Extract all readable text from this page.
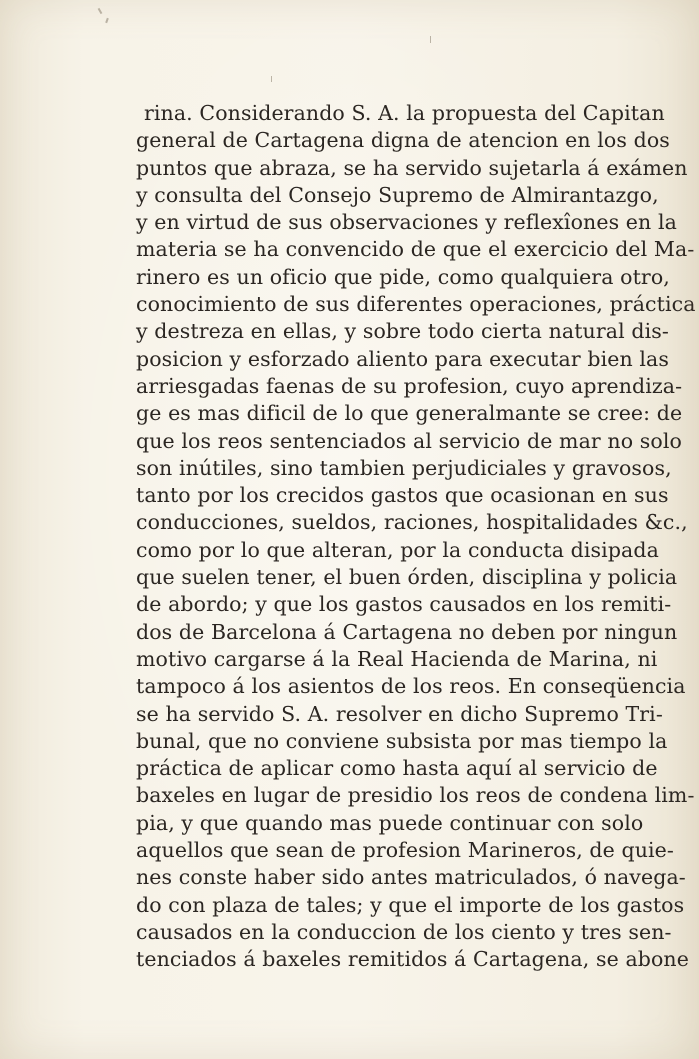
rina. Considerando S. A. la propuesta del Capitan
general de Cartagena digna de atencion en los dos
puntos que abraza, se ha servido sujetarla á exámen
y consulta del Consejo Supremo de Almirantazgo,
y en virtud de sus observaciones y reflexîones en la
materia se ha convencido de que el exercicio del Ma-
rinero es un oficio que pide, como qualquiera otro,
conocimiento de sus diferentes operaciones, práctica
y destreza en ellas, y sobre todo cierta natural dis-
posicion y esforzado aliento para executar bien las
arriesgadas faenas de su profesion, cuyo aprendiza-
ge es mas dificil de lo que generalmante se cree: de
que los reos sentenciados al servicio de mar no solo
son inútiles, sino tambien perjudiciales y gravosos,
tanto por los crecidos gastos que ocasionan en sus
conducciones, sueldos, raciones, hospitalidades &c.,
como por lo que alteran, por la conducta disipada
que suelen tener, el buen órden, disciplina y policia
de abordo; y que los gastos causados en los remiti-
dos de Barcelona á Cartagena no deben por ningun
motivo cargarse á la Real Hacienda de Marina, ni
tampoco á los asientos de los reos. En conseqüencia
se ha servido S. A. resolver en dicho Supremo Tri-
bunal, que no conviene subsista por mas tiempo la
práctica de aplicar como hasta aquí al servicio de
baxeles en lugar de presidio los reos de condena lim-
pia, y que quando mas puede continuar con solo
aquellos que sean de profesion Marineros, de quie-
nes conste haber sido antes matriculados, ó navega-
do con plaza de tales; y que el importe de los gastos
causados en la conduccion de los ciento y tres sen-
tenciados á baxeles remitidos á Cartagena, se abone
